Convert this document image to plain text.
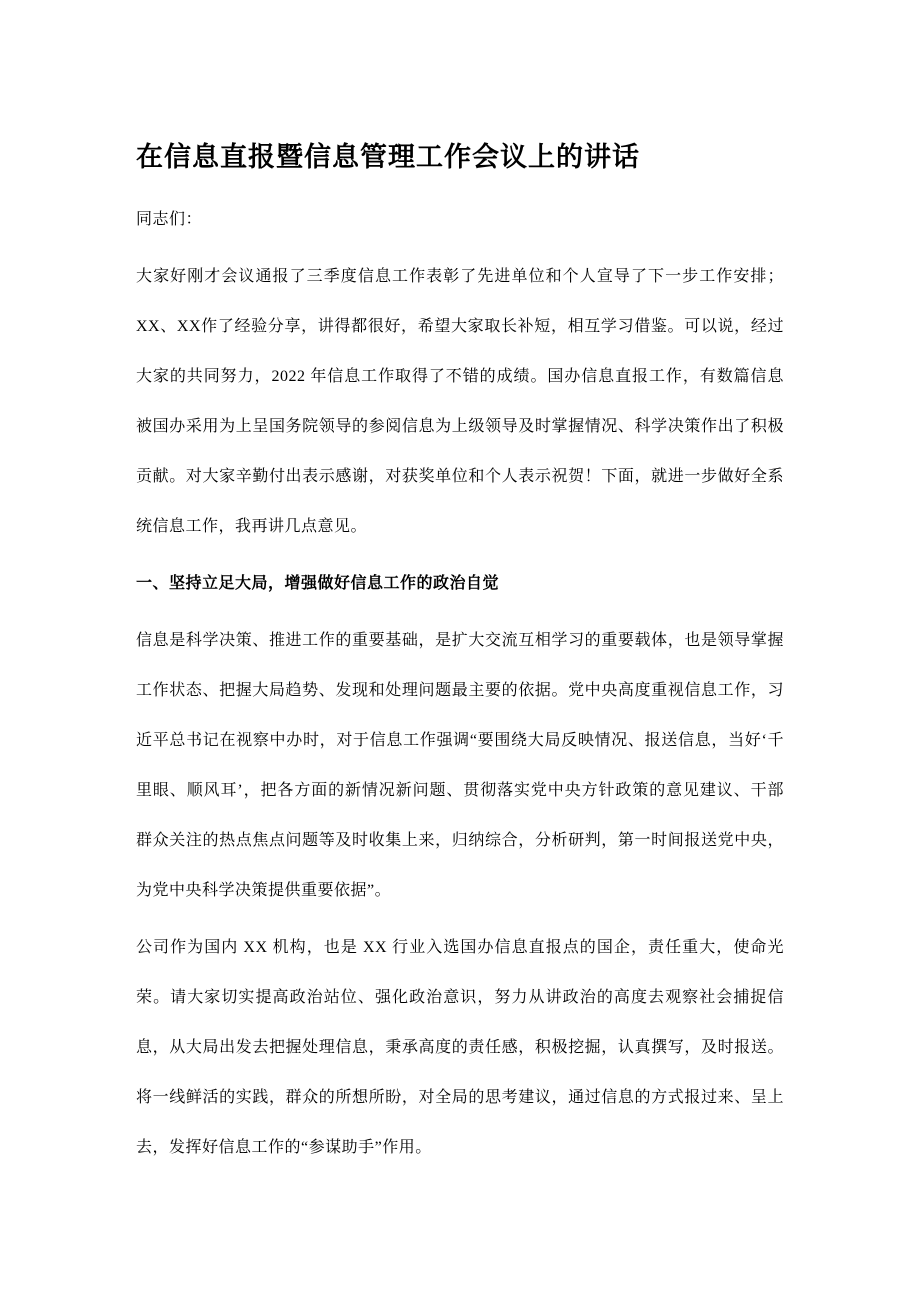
在信息直报暨信息管理工作会议上的讲话

同志们：

大家好刚才会议通报了三季度信息工作表彰了先进单位和个人宣导了下一步工作安排；XX、XX作了经验分享，讲得都很好，希望大家取长补短，相互学习借鉴。可以说，经过大家的共同努力，2022 年信息工作取得了不错的成绩。国办信息直报工作，有数篇信息被国办采用为上呈国务院领导的参阅信息为上级领导及时掌握情况、科学决策作出了积极贡献。对大家辛勤付出表示感谢，对获奖单位和个人表示祝贺！下面，就进一步做好全系统信息工作，我再讲几点意见。

一、坚持立足大局，增强做好信息工作的政治自觉

信息是科学决策、推进工作的重要基础，是扩大交流互相学习的重要载体，也是领导掌握工作状态、把握大局趋势、发现和处理问题最主要的依据。党中央高度重视信息工作，习近平总书记在视察中办时，对于信息工作强调“要围绕大局反映情况、报送信息，当好‘千里眼、顺风耳’，把各方面的新情况新问题、贯彻落实党中央方针政策的意见建议、干部群众关注的热点焦点问题等及时收集上来，归纳综合，分析研判，第一时间报送党中央，为党中央科学决策提供重要依据”。

公司作为国内 XX 机构，也是 XX 行业入选国办信息直报点的国企，责任重大，使命光荣。请大家切实提高政治站位、强化政治意识，努力从讲政治的高度去观察社会捕捉信息，从大局出发去把握处理信息，秉承高度的责任感，积极挖掘，认真撰写，及时报送。将一线鲜活的实践，群众的所想所盼，对全局的思考建议，通过信息的方式报过来、呈上去，发挥好信息工作的“参谋助手”作用。
